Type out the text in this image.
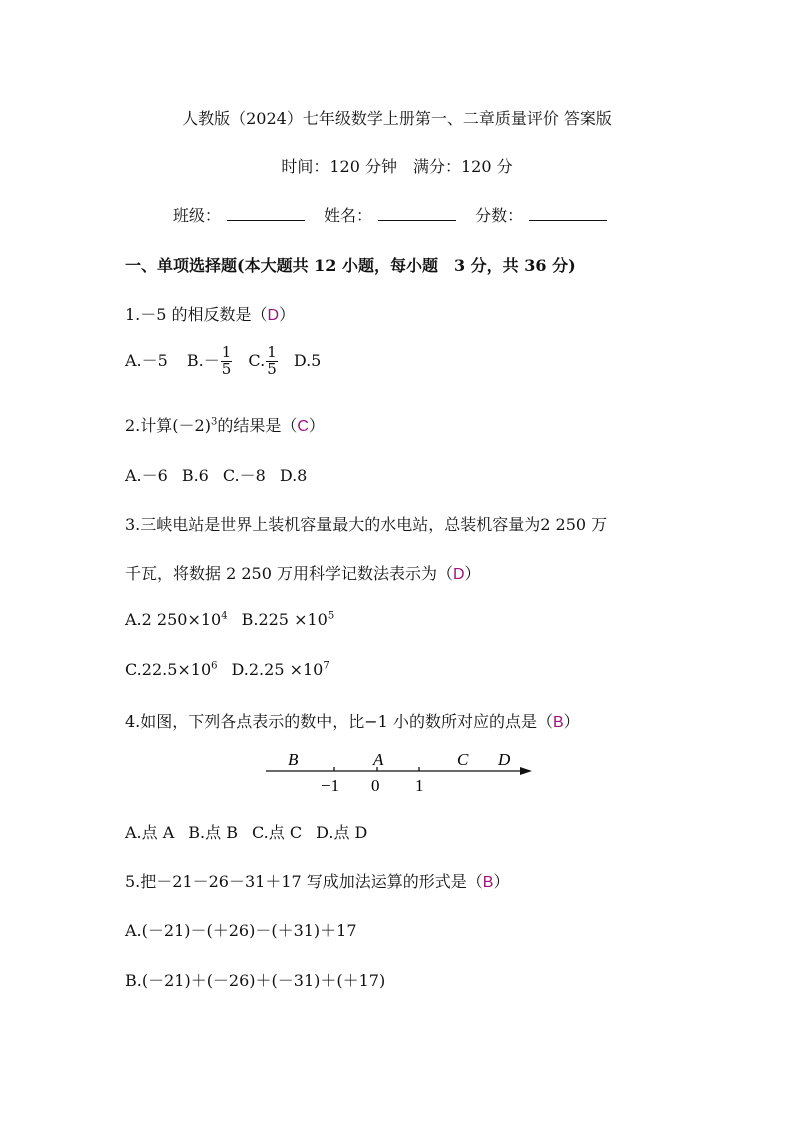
人教版（2024）七年级数学上册第一、二章质量评价 答案版
时间：120 分钟　满分：120 分
班级：	姓名：	分数：
一、单项选择题(本大题共 12 小题，每小题　3 分，共 36 分)
1.－5 的相反数是（D）
A.－5 $B.- \frac{1}{5} C$. $\frac{1}{5} D.5$
2.计算$(-2)^3$的结果是（C）
A.－6 B.6 C.－8 D.8
3.三峡电站是世界上装机容量最大的水电站，总装机容量为2 250 万
千瓦，将数据 2 250 万用科学记数法表示为（D）
A.2 $250\times 10^4$ $B.225 \times 10^5$
$C.22.5\times 10^6$ $D.2.25 \times 10^7$
4.如图，下列各点表示的数中，比−1 小的数所对应的点是（B）
B	A	C D
−1 0 1
A.点 A B.点 B C.点 C D.点 D
5.把－21－26－31＋17 写成加法运算的形式是（B）
A.(－21)－(＋26)－(＋31)＋17
B.(－21)＋(－26)＋(－31)＋(＋17)
